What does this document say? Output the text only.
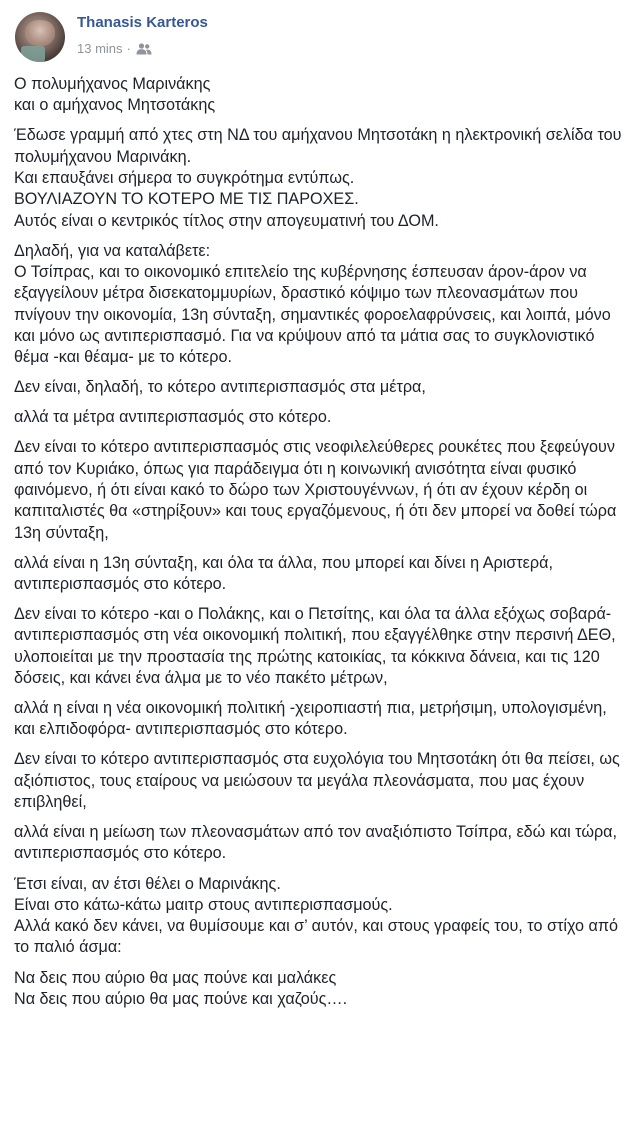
Thanasis Karteros
13 mins ·

Ο πολυμήχανος Μαρινάκης
και ο αμήχανος Μητσοτάκης

Έδωσε γραμμή από χτες στη ΝΔ του αμήχανου Μητσοτάκη η ηλεκτρονική σελίδα του πολυμήχανου Μαρινάκη.
Και επαυξάνει σήμερα το συγκρότημα εντύπως.
ΒΟΥΛΙΑΖΟΥΝ ΤΟ ΚΟΤΕΡΟ ΜΕ ΤΙΣ ΠΑΡΟΧΕΣ.
Αυτός είναι ο κεντρικός τίτλος στην απογευματινή του ΔΟΜ.

Δηλαδή, για να καταλάβετε:
Ο Τσίπρας, και το οικονομικό επιτελείο της κυβέρνησης έσπευσαν άρον-άρον να εξαγγείλουν μέτρα δισεκατομμυρίων, δραστικό κόψιμο των πλεονασμάτων που πνίγουν την οικονομία, 13η σύνταξη, σημαντικές φοροελαφρύνσεις, και λοιπά, μόνο και μόνο ως αντιπερισπασμό. Για να κρύψουν από τα μάτια σας το συγκλονιστικό θέμα -και θέαμα- με το κότερο.

Δεν είναι, δηλαδή, το κότερο αντιπερισπασμός στα μέτρα,

αλλά τα μέτρα αντιπερισπασμός στο κότερο.

Δεν είναι το κότερο αντιπερισπασμός στις νεοφιλελεύθερες ρουκέτες που ξεφεύγουν από τον Κυριάκο, όπως για παράδειγμα ότι η κοινωνική ανισότητα είναι φυσικό φαινόμενο, ή ότι είναι κακό το δώρο των Χριστουγέννων, ή ότι αν έχουν κέρδη οι καπιταλιστές θα «στηρίξουν» και τους εργαζόμενους, ή ότι δεν μπορεί να δοθεί τώρα 13η σύνταξη,

αλλά είναι η 13η σύνταξη, και όλα τα άλλα, που μπορεί και δίνει η Αριστερά, αντιπερισπασμός στο κότερο.

Δεν είναι το κότερο -και ο Πολάκης, και ο Πετσίτης, και όλα τα άλλα εξόχως σοβαρά- αντιπερισπασμός στη νέα οικονομική πολιτική, που εξαγγέλθηκε στην περσινή ΔΕΘ, υλοποιείται με την προστασία της πρώτης κατοικίας, τα κόκκινα δάνεια, και τις 120 δόσεις, και κάνει ένα άλμα με το νέο πακέτο μέτρων,

αλλά η είναι η νέα οικονομική πολιτική -χειροπιαστή πια, μετρήσιμη, υπολογισμένη, και ελπιδοφόρα- αντιπερισπασμός στο κότερο.

Δεν είναι το κότερο αντιπερισπασμός στα ευχολόγια του Μητσοτάκη ότι θα πείσει, ως αξιόπιστος, τους εταίρους να μειώσουν τα μεγάλα πλεονάσματα, που μας έχουν επιβληθεί,

αλλά είναι η μείωση των πλεονασμάτων από τον αναξιόπιστο Τσίπρα, εδώ και τώρα, αντιπερισπασμός στο κότερο.

Έτσι είναι, αν έτσι θέλει ο Μαρινάκης.
Είναι στο κάτω-κάτω μαιτρ στους αντιπερισπασμούς.
Αλλά κακό δεν κάνει, να θυμίσουμε και σ’ αυτόν, και στους γραφείς του, το στίχο από το παλιό άσμα:

Να δεις που αύριο θα μας πούνε και μαλάκες
Να δεις που αύριο θα μας πούνε και χαζούς….
